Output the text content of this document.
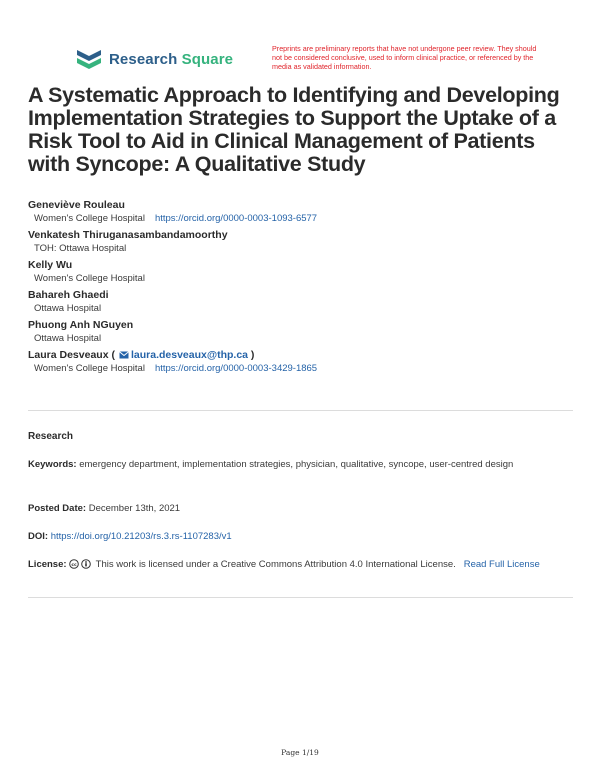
Research Square
Preprints are preliminary reports that have not undergone peer review. They should not be considered conclusive, used to inform clinical practice, or referenced by the media as validated information.
A Systematic Approach to Identifying and Developing Implementation Strategies to Support the Uptake of a Risk Tool to Aid in Clinical Management of Patients with Syncope: A Qualitative Study
Geneviève Rouleau
Women's College Hospital https://orcid.org/0000-0003-1093-6577
Venkatesh Thiruganasambandamoorthy
TOH: Ottawa Hospital
Kelly Wu
Women's College Hospital
Bahareh Ghaedi
Ottawa Hospital
Phuong Anh NGuyen
Ottawa Hospital
Laura Desveaux ( laura.desveaux@thp.ca )
Women's College Hospital https://orcid.org/0000-0003-3429-1865
Research
Keywords: emergency department, implementation strategies, physician, qualitative, syncope, user-centred design
Posted Date: December 13th, 2021
DOI: https://doi.org/10.21203/rs.3.rs-1107283/v1
License: cc This work is licensed under a Creative Commons Attribution 4.0 International License. Read Full License
Page 1/19
